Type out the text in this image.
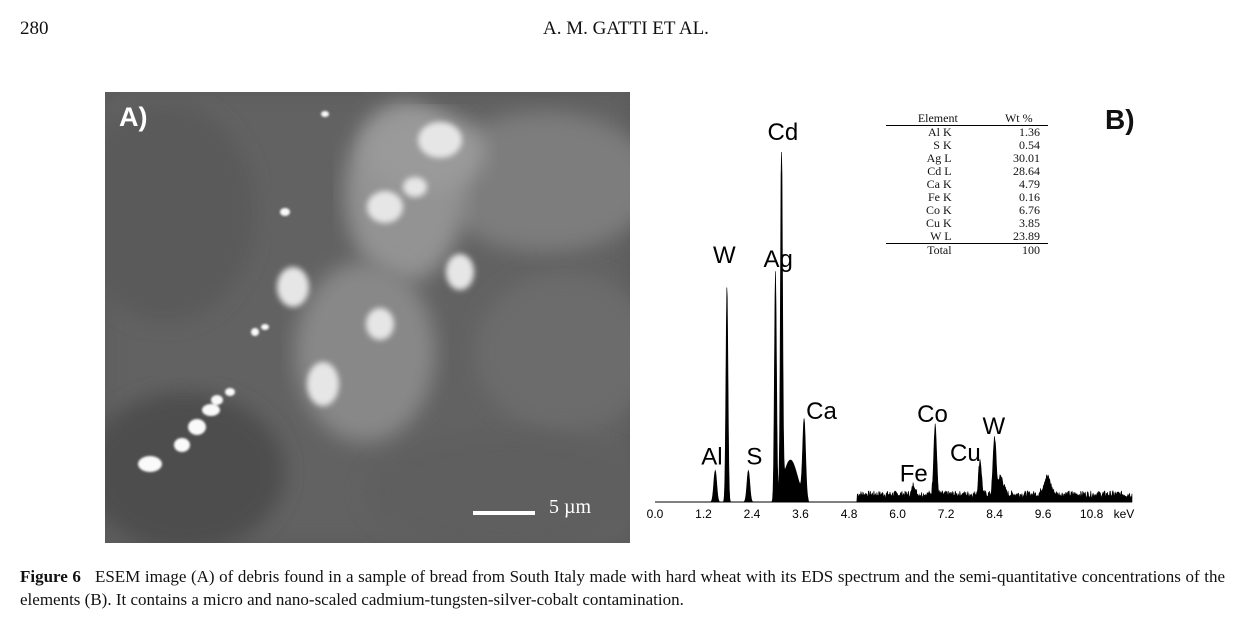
280	A. M. GATTI ET AL.
A)
5 µm
Al
W
S
Ag
Cd
Ca
Fe
Co
Cu
W
0.0	1.2	2.4	3.6	4.8	6.0	7.2	8.4	9.6 10.8 keV
B)
Element	Wt %
Al K	1.36
S K	0.54
Ag L	30.01
Cd L	28.64
Ca K	4.79
Fe K	0.16
Co K	6.76
Cu K	3.85
W L	23.89
Total	100
Figure 6 ESEM image (A) of debris found in a sample of bread from South Italy made with hard wheat with its EDS spectrum and the semi-quantitative concentrations of the elements (B). It contains a micro and nano-scaled cadmium-tungsten-silver-cobalt contamination.
